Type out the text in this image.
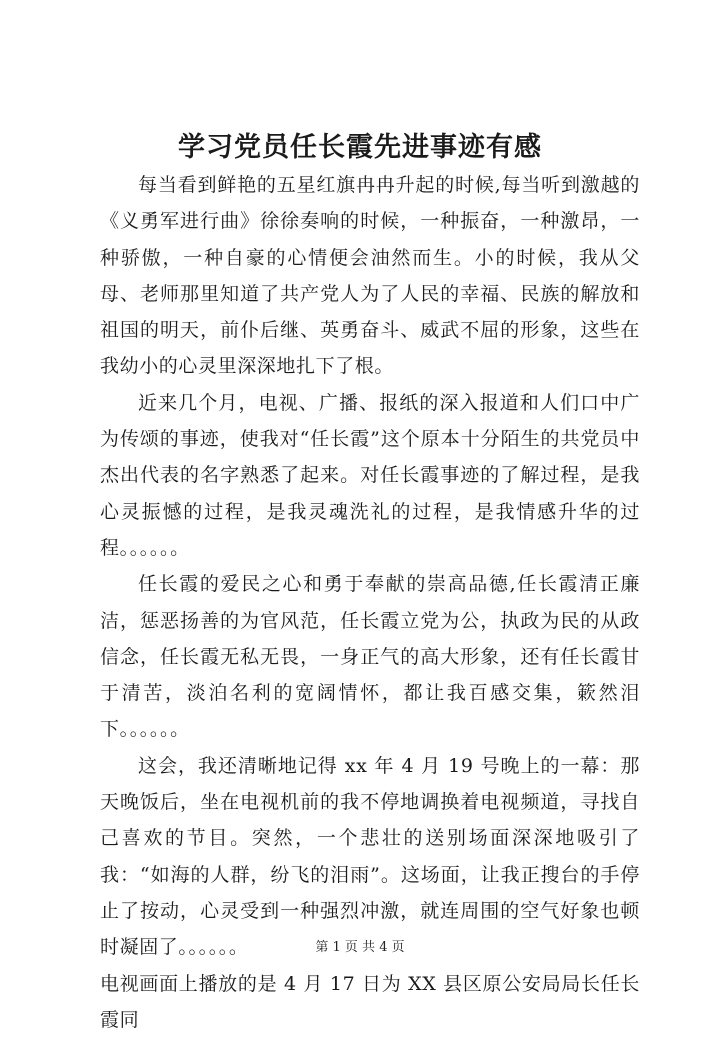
学习党员任长霞先进事迹有感

每当看到鲜艳的五星红旗冉冉升起的时候,每当听到激越的《义勇军进行曲》徐徐奏响的时候，一种振奋，一种激昂，一种骄傲，一种自豪的心情便会油然而生。小的时候，我从父母、老师那里知道了共产党人为了人民的幸福、民族的解放和祖国的明天，前仆后继、英勇奋斗、威武不屈的形象，这些在我幼小的心灵里深深地扎下了根。

近来几个月，电视、广播、报纸的深入报道和人们口中广为传颂的事迹，使我对“任长霞”这个原本十分陌生的共党员中杰出代表的名字熟悉了起来。对任长霞事迹的了解过程，是我心灵振憾的过程，是我灵魂洗礼的过程，是我情感升华的过程。。。。。。

任长霞的爱民之心和勇于奉献的崇高品德,任长霞清正廉洁，惩恶扬善的为官风范，任长霞立党为公，执政为民的从政信念，任长霞无私无畏，一身正气的高大形象，还有任长霞甘于清苦，淡泊名利的宽阔情怀，都让我百感交集，簌然泪下。。。。。。

这会，我还清晰地记得 xx 年 4 月 19 号晚上的一幕：那天晚饭后，坐在电视机前的我不停地调换着电视频道，寻找自己喜欢的节目。突然，一个悲壮的送别场面深深地吸引了我：“如海的人群，纷飞的泪雨”。这场面，让我正搜台的手停止了按动，心灵受到一种强烈冲激，就连周围的空气好象也顿时凝固了。。。。。。

电视画面上播放的是 4 月 17 日为 XX 县区原公安局局长任长霞同

第 1 页 共 4 页
